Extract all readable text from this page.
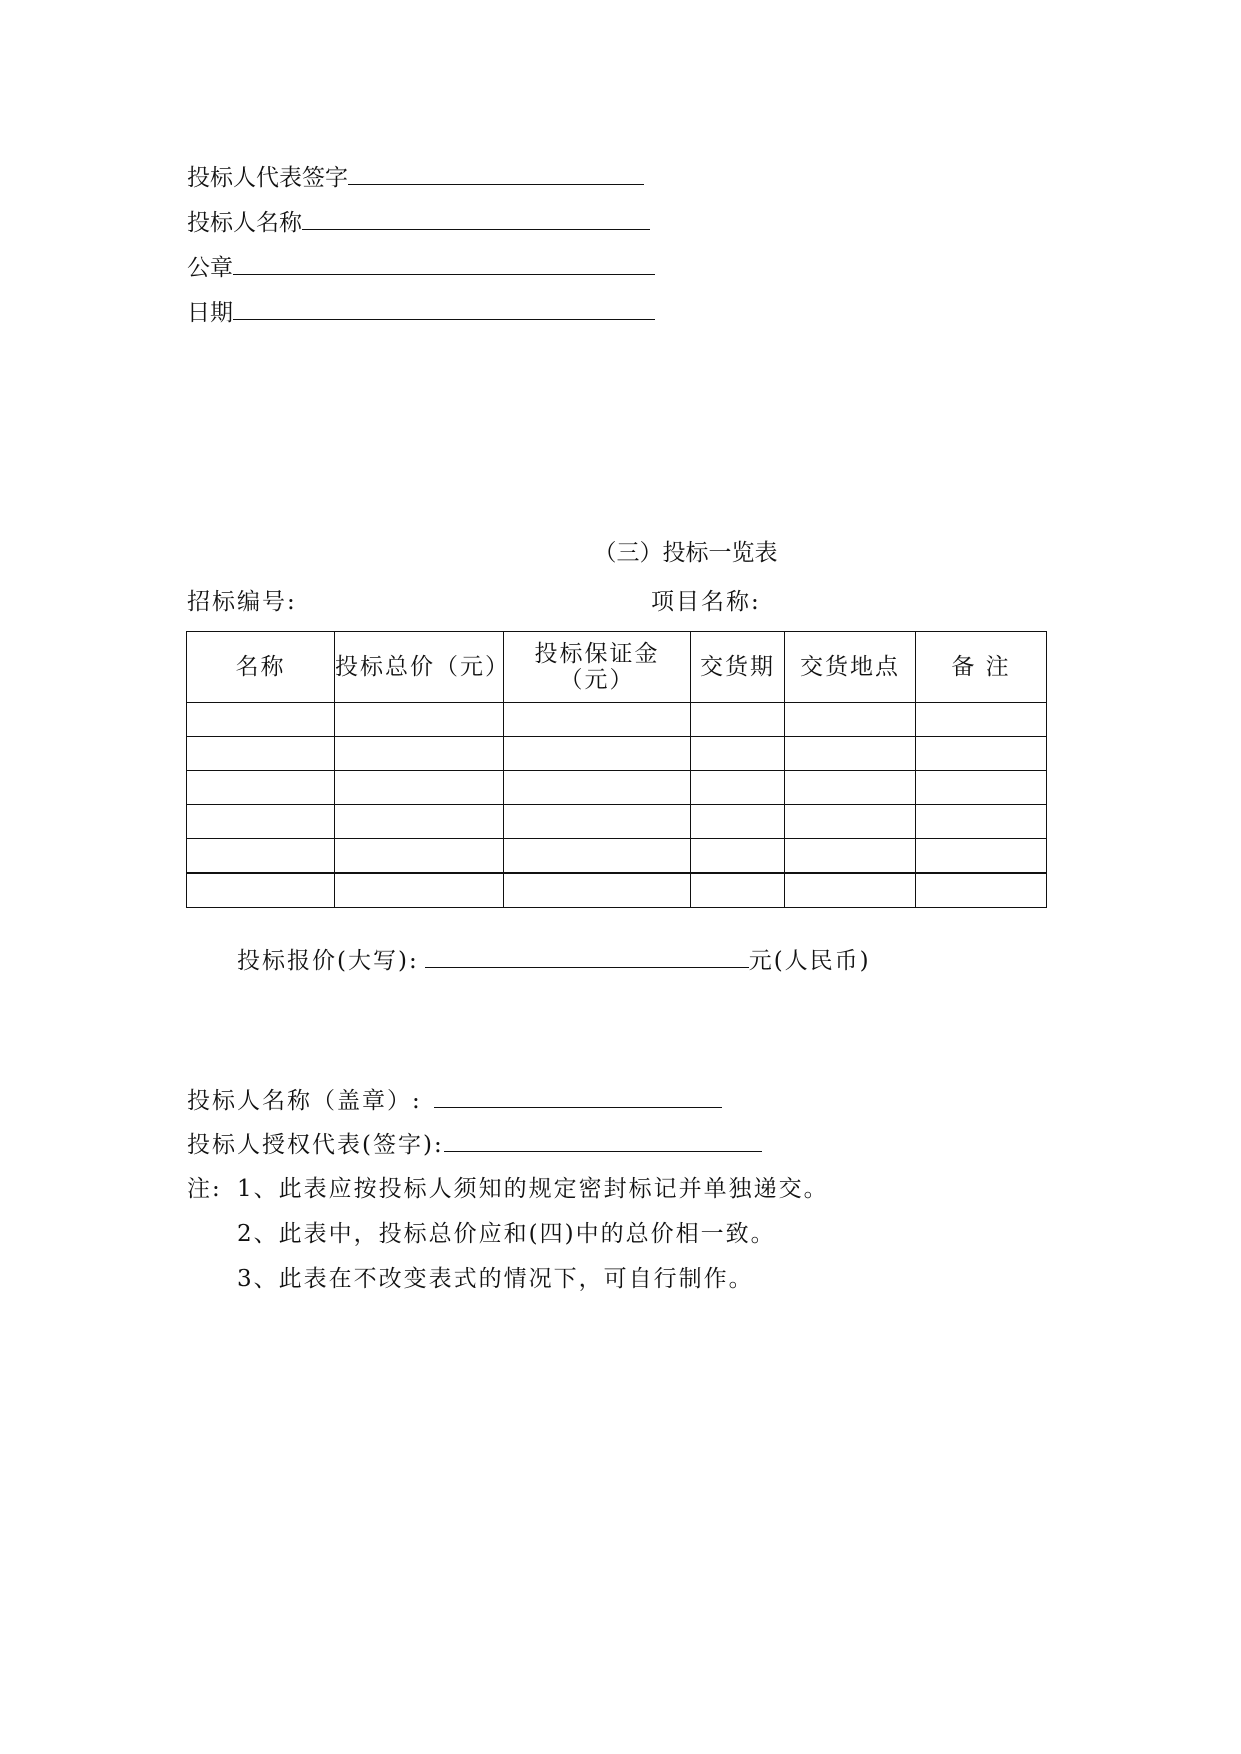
投标人代表签字
投标人名称
公章
日期
（三）投标一览表
招标编号:	项目名称:
名称	投标总价（元）	投标保证金（元）	交货期	交货地点	备 注

投标报价(大写):	元(人民币)
投标人名称（盖章）:
投标人授权代表(签字):
注: 1、此表应按投标人须知的规定密封标记并单独递交。
2、此表中，投标总价应和(四)中的总价相一致。
3、此表在不改变表式的情况下，可自行制作。
